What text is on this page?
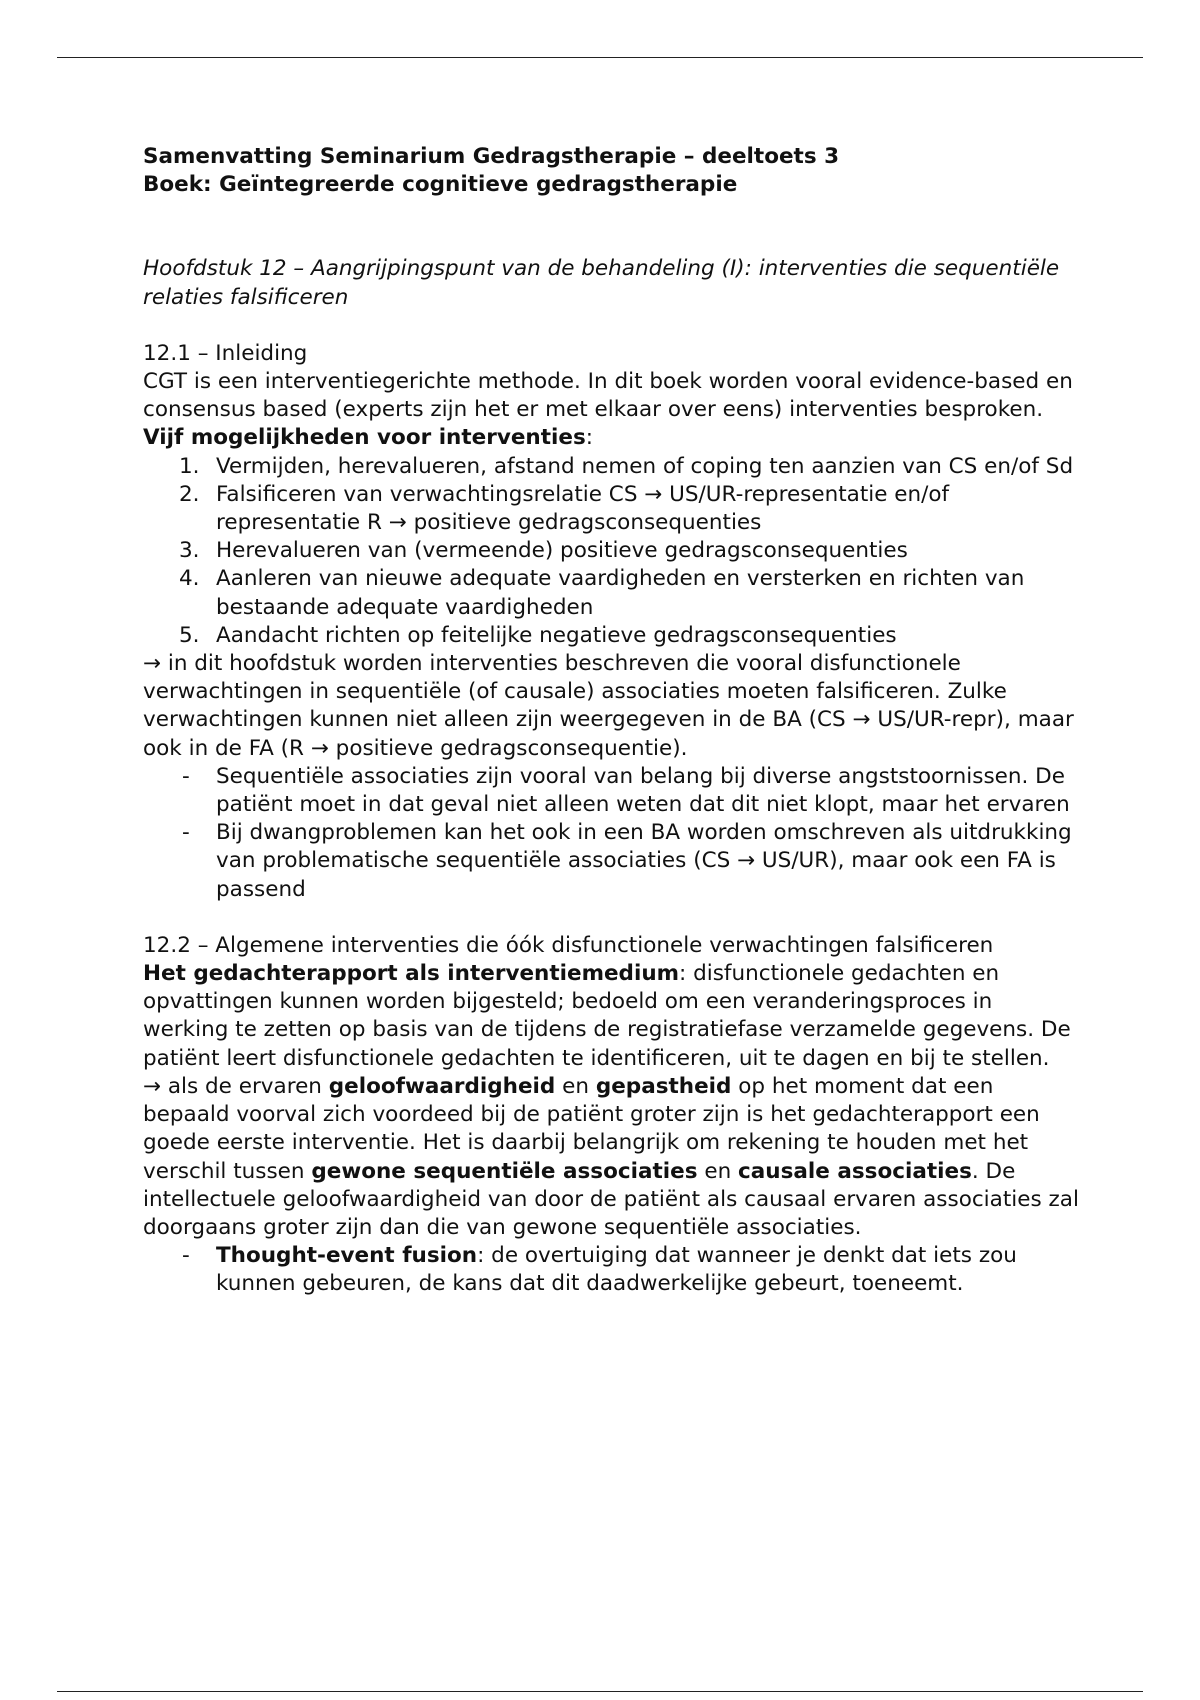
Samenvatting Seminarium Gedragstherapie – deeltoets 3

Boek: Geïntegreerde cognitieve gedragstherapie

Hoofdstuk 12 – Aangrijpingspunt van de behandeling (I): interventies die sequentiële relaties falsificeren

12.1 – Inleiding

CGT is een interventiegerichte methode. In dit boek worden vooral evidence-based en consensus based (experts zijn het er met elkaar over eens) interventies besproken.

Vijf mogelijkheden voor interventies:

1. Vermijden, herevalueren, afstand nemen of coping ten aanzien van CS en/of Sd
2. Falsificeren van verwachtingsrelatie CS → US/UR-representatie en/of representatie R → positieve gedragsconsequenties
3. Herevalueren van (vermeende) positieve gedragsconsequenties
4. Aanleren van nieuwe adequate vaardigheden en versterken en richten van bestaande adequate vaardigheden
5. Aandacht richten op feitelijke negatieve gedragsconsequenties

→ in dit hoofdstuk worden interventies beschreven die vooral disfunctionele verwachtingen in sequentiële (of causale) associaties moeten falsificeren. Zulke verwachtingen kunnen niet alleen zijn weergegeven in de BA (CS → US/UR-repr), maar ook in de FA (R → positieve gedragsconsequentie).

- Sequentiële associaties zijn vooral van belang bij diverse angststoornissen. De patiënt moet in dat geval niet alleen weten dat dit niet klopt, maar het ervaren
- Bij dwangproblemen kan het ook in een BA worden omschreven als uitdrukking van problematische sequentiële associaties (CS → US/UR), maar ook een FA is passend

12.2 – Algemene interventies die óók disfunctionele verwachtingen falsificeren

Het gedachterapport als interventiemedium: disfunctionele gedachten en opvattingen kunnen worden bijgesteld; bedoeld om een veranderingsproces in werking te zetten op basis van de tijdens de registratiefase verzamelde gegevens. De patiënt leert disfunctionele gedachten te identificeren, uit te dagen en bij te stellen.

→ als de ervaren geloofwaardigheid en gepastheid op het moment dat een bepaald voorval zich voordeed bij de patiënt groter zijn is het gedachterapport een goede eerste interventie. Het is daarbij belangrijk om rekening te houden met het verschil tussen gewone sequentiële associaties en causale associaties. De intellectuele geloofwaardigheid van door de patiënt als causaal ervaren associaties zal doorgaans groter zijn dan die van gewone sequentiële associaties.

- Thought-event fusion: de overtuiging dat wanneer je denkt dat iets zou kunnen gebeuren, de kans dat dit daadwerkelijke gebeurt, toeneemt.
